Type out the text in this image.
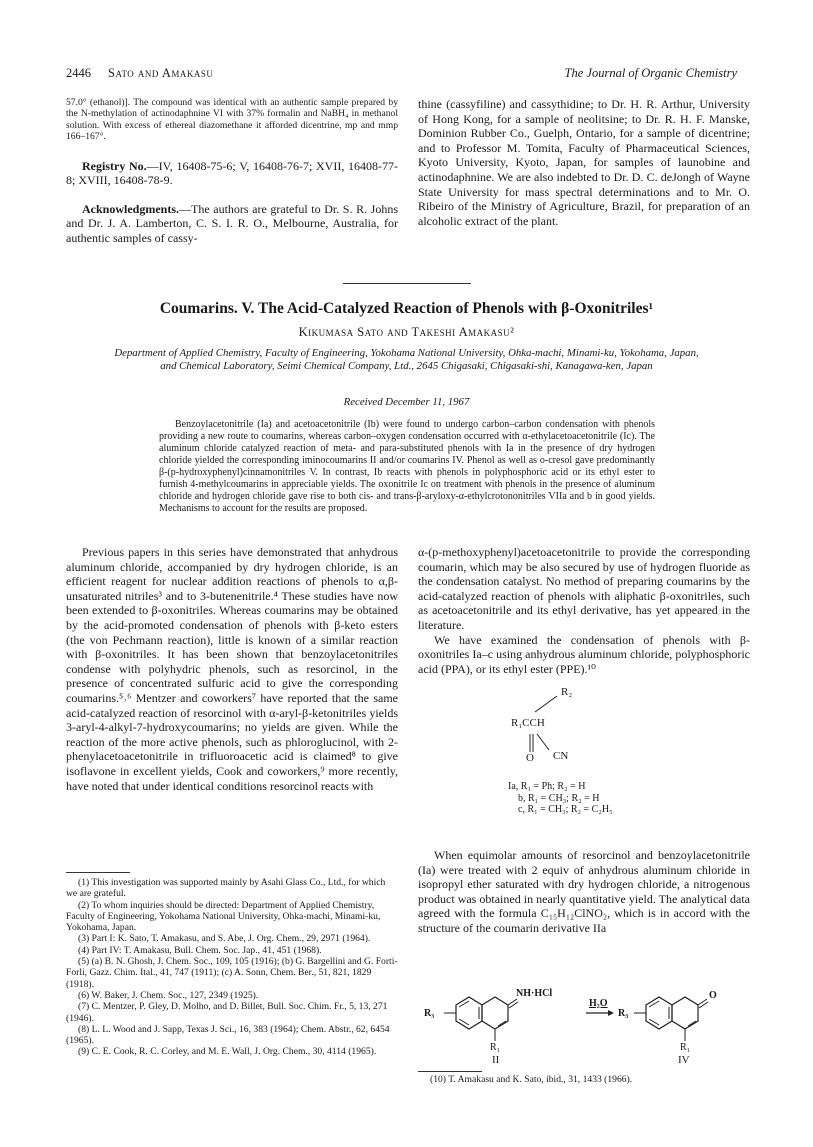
2446 Sato and Amakasu	The Journal of Organic Chemistry

57.0° (ethanol)]. The compound was identical with an authentic sample prepared by the N-methylation of actinodaphnine VI with 37% formalin and NaBH₄ in methanol solution. With excess of ethereal diazomethane it afforded dicentrine, mp and mmp 166–167°.

Registry No.—IV, 16408-75-6; V, 16408-76-7; XVII, 16408-77-8; XVIII, 16408-78-9.

Acknowledgments.—The authors are grateful to Dr. S. R. Johns and Dr. J. A. Lamberton, C. S. I. R. O., Melbourne, Australia, for authentic samples of cassy-

thine (cassyfiline) and cassythidine; to Dr. H. R. Arthur, University of Hong Kong, for a sample of neolitsine; to Dr. R. H. F. Manske, Dominion Rubber Co., Guelph, Ontario, for a sample of dicentrine; and to Professor M. Tomita, Faculty of Pharmaceutical Sciences, Kyoto University, Kyoto, Japan, for samples of launobine and actinodaphnine. We are also indebted to Dr. D. C. deJongh of Wayne State University for mass spectral determinations and to Mr. O. Ribeiro of the Ministry of Agriculture, Brazil, for preparation of an alcoholic extract of the plant.

Coumarins. V. The Acid-Catalyzed Reaction of Phenols with β-Oxonitriles¹
Kikumasa Sato and Takeshi Amakasu²
Department of Applied Chemistry, Faculty of Engineering, Yokohama National University, Ohka-machi, Minami-ku, Yokohama, Japan, and Chemical Laboratory, Seimi Chemical Company, Ltd., 2645 Chigasaki, Chigasaki-shi, Kanagawa-ken, Japan
Received December 11, 1967
Benzoylacetonitrile (Ia) and acetoacetonitrile (Ib) were found to undergo carbon–carbon condensation with phenols providing a new route to coumarins, whereas carbon–oxygen condensation occurred with α-ethylacetoacetonitrile (Ic). The aluminum chloride catalyzed reaction of meta- and para-substituted phenols with Ia in the presence of dry hydrogen chloride yielded the corresponding iminocoumarins II and/or coumarins IV. Phenol as well as o-cresol gave predominantly β-(p-hydroxyphenyl)cinnamonitriles V. In contrast, Ib reacts with phenols in polyphosphoric acid or its ethyl ester to furnish 4-methylcoumarins in appreciable yields. The oxonitrile Ic on treatment with phenols in the presence of aluminum chloride and hydrogen chloride gave rise to both cis- and trans-β-aryloxy-α-ethylcrotononitriles VIIa and b in good yields. Mechanisms to account for the results are proposed.

Previous papers in this series have demonstrated that anhydrous aluminum chloride, accompanied by dry hydrogen chloride, is an efficient reagent for nuclear addition reactions of phenols to α,β-unsaturated nitriles³ and to 3-butenenitrile.⁴ These studies have now been extended to β-oxonitriles. Whereas coumarins may be obtained by the acid-promoted condensation of phenols with β-keto esters (the von Pechmann reaction), little is known of a similar reaction with β-oxonitriles. It has been shown that benzoylacetonitriles condense with polyhydric phenols, such as resorcinol, in the presence of concentrated sulfuric acid to give the corresponding coumarins.⁵˒⁶ Mentzer and coworkers⁷ have reported that the same acid-catalyzed reaction of resorcinol with α-aryl-β-ketonitriles yields 3-aryl-4-alkyl-7-hydroxycoumarins; no yields are given. While the reaction of the more active phenols, such as phloroglucinol, with 2-phenylacetoacetonitrile in trifluoroacetic acid is claimed⁸ to give isoflavone in excellent yields, Cook and coworkers,⁹ more recently, have noted that under identical conditions resorcinol reacts with

(1) This investigation was supported mainly by Asahi Glass Co., Ltd., for which we are grateful.
(2) To whom inquiries should be directed: Department of Applied Chemistry, Faculty of Engineering, Yokohama National University, Ohka-machi, Minami-ku, Yokohama, Japan.
(3) Part I: K. Sato, T. Amakasu, and S. Abe, J. Org. Chem., 29, 2971 (1964).
(4) Part IV: T. Amakasu, Bull. Chem. Soc. Jap., 41, 451 (1968).
(5) (a) B. N. Ghosh, J. Chem. Soc., 109, 105 (1916); (b) G. Bargellini and G. Forti-Forli, Gazz. Chim. Ital., 41, 747 (1911); (c) A. Sonn, Chem. Ber., 51, 821, 1829 (1918).
(6) W. Baker, J. Chem. Soc., 127, 2349 (1925).
(7) C. Mentzer, P. Gley, D. Molho, and D. Billet, Bull. Soc. Chim. Fr., 5, 13, 271 (1946).
(8) L. L. Wood and J. Sapp, Texas J. Sci., 16, 383 (1964); Chem. Abstr., 62, 6454 (1965).
(9) C. E. Cook, R. C. Corley, and M. E. Wall, J. Org. Chem., 30, 4114 (1965).

α-(p-methoxyphenyl)acetoacetonitrile to provide the corresponding coumarin, which may be also secured by use of hydrogen fluoride as the condensation catalyst. No method of preparing coumarins by the acid-catalyzed reaction of phenols with aliphatic β-oxonitriles, such as acetoacetonitrile and its ethyl derivative, has yet appeared in the literature.

We have examined the condensation of phenols with β-oxonitriles Ia–c using anhydrous aluminum chloride, polyphosphoric acid (PPA), or its ethyl ester (PPE).¹⁰

R₂
R₁CCH
O CN
Ia, R₁ = Ph; R₂ = H
b, R₁ = CH₃; R₂ = H
c, R₁ = CH₃; R₂ = C₂H₅

When equimolar amounts of resorcinol and benzoylacetonitrile (Ia) were treated with 2 equiv of anhydrous aluminum chloride in isopropyl ether saturated with dry hydrogen chloride, a nitrogenous product was obtained in nearly quantitative yield. The analytical data agreed with the formula C₁₅H₁₂ClNO₂, which is in accord with the structure of the coumarin derivative IIa

R₃
NH·HCl
H₂O
R₁
II
R₃
O
R₁
IV
(10) T. Amakasu and K. Sato, ibid., 31, 1433 (1966).
